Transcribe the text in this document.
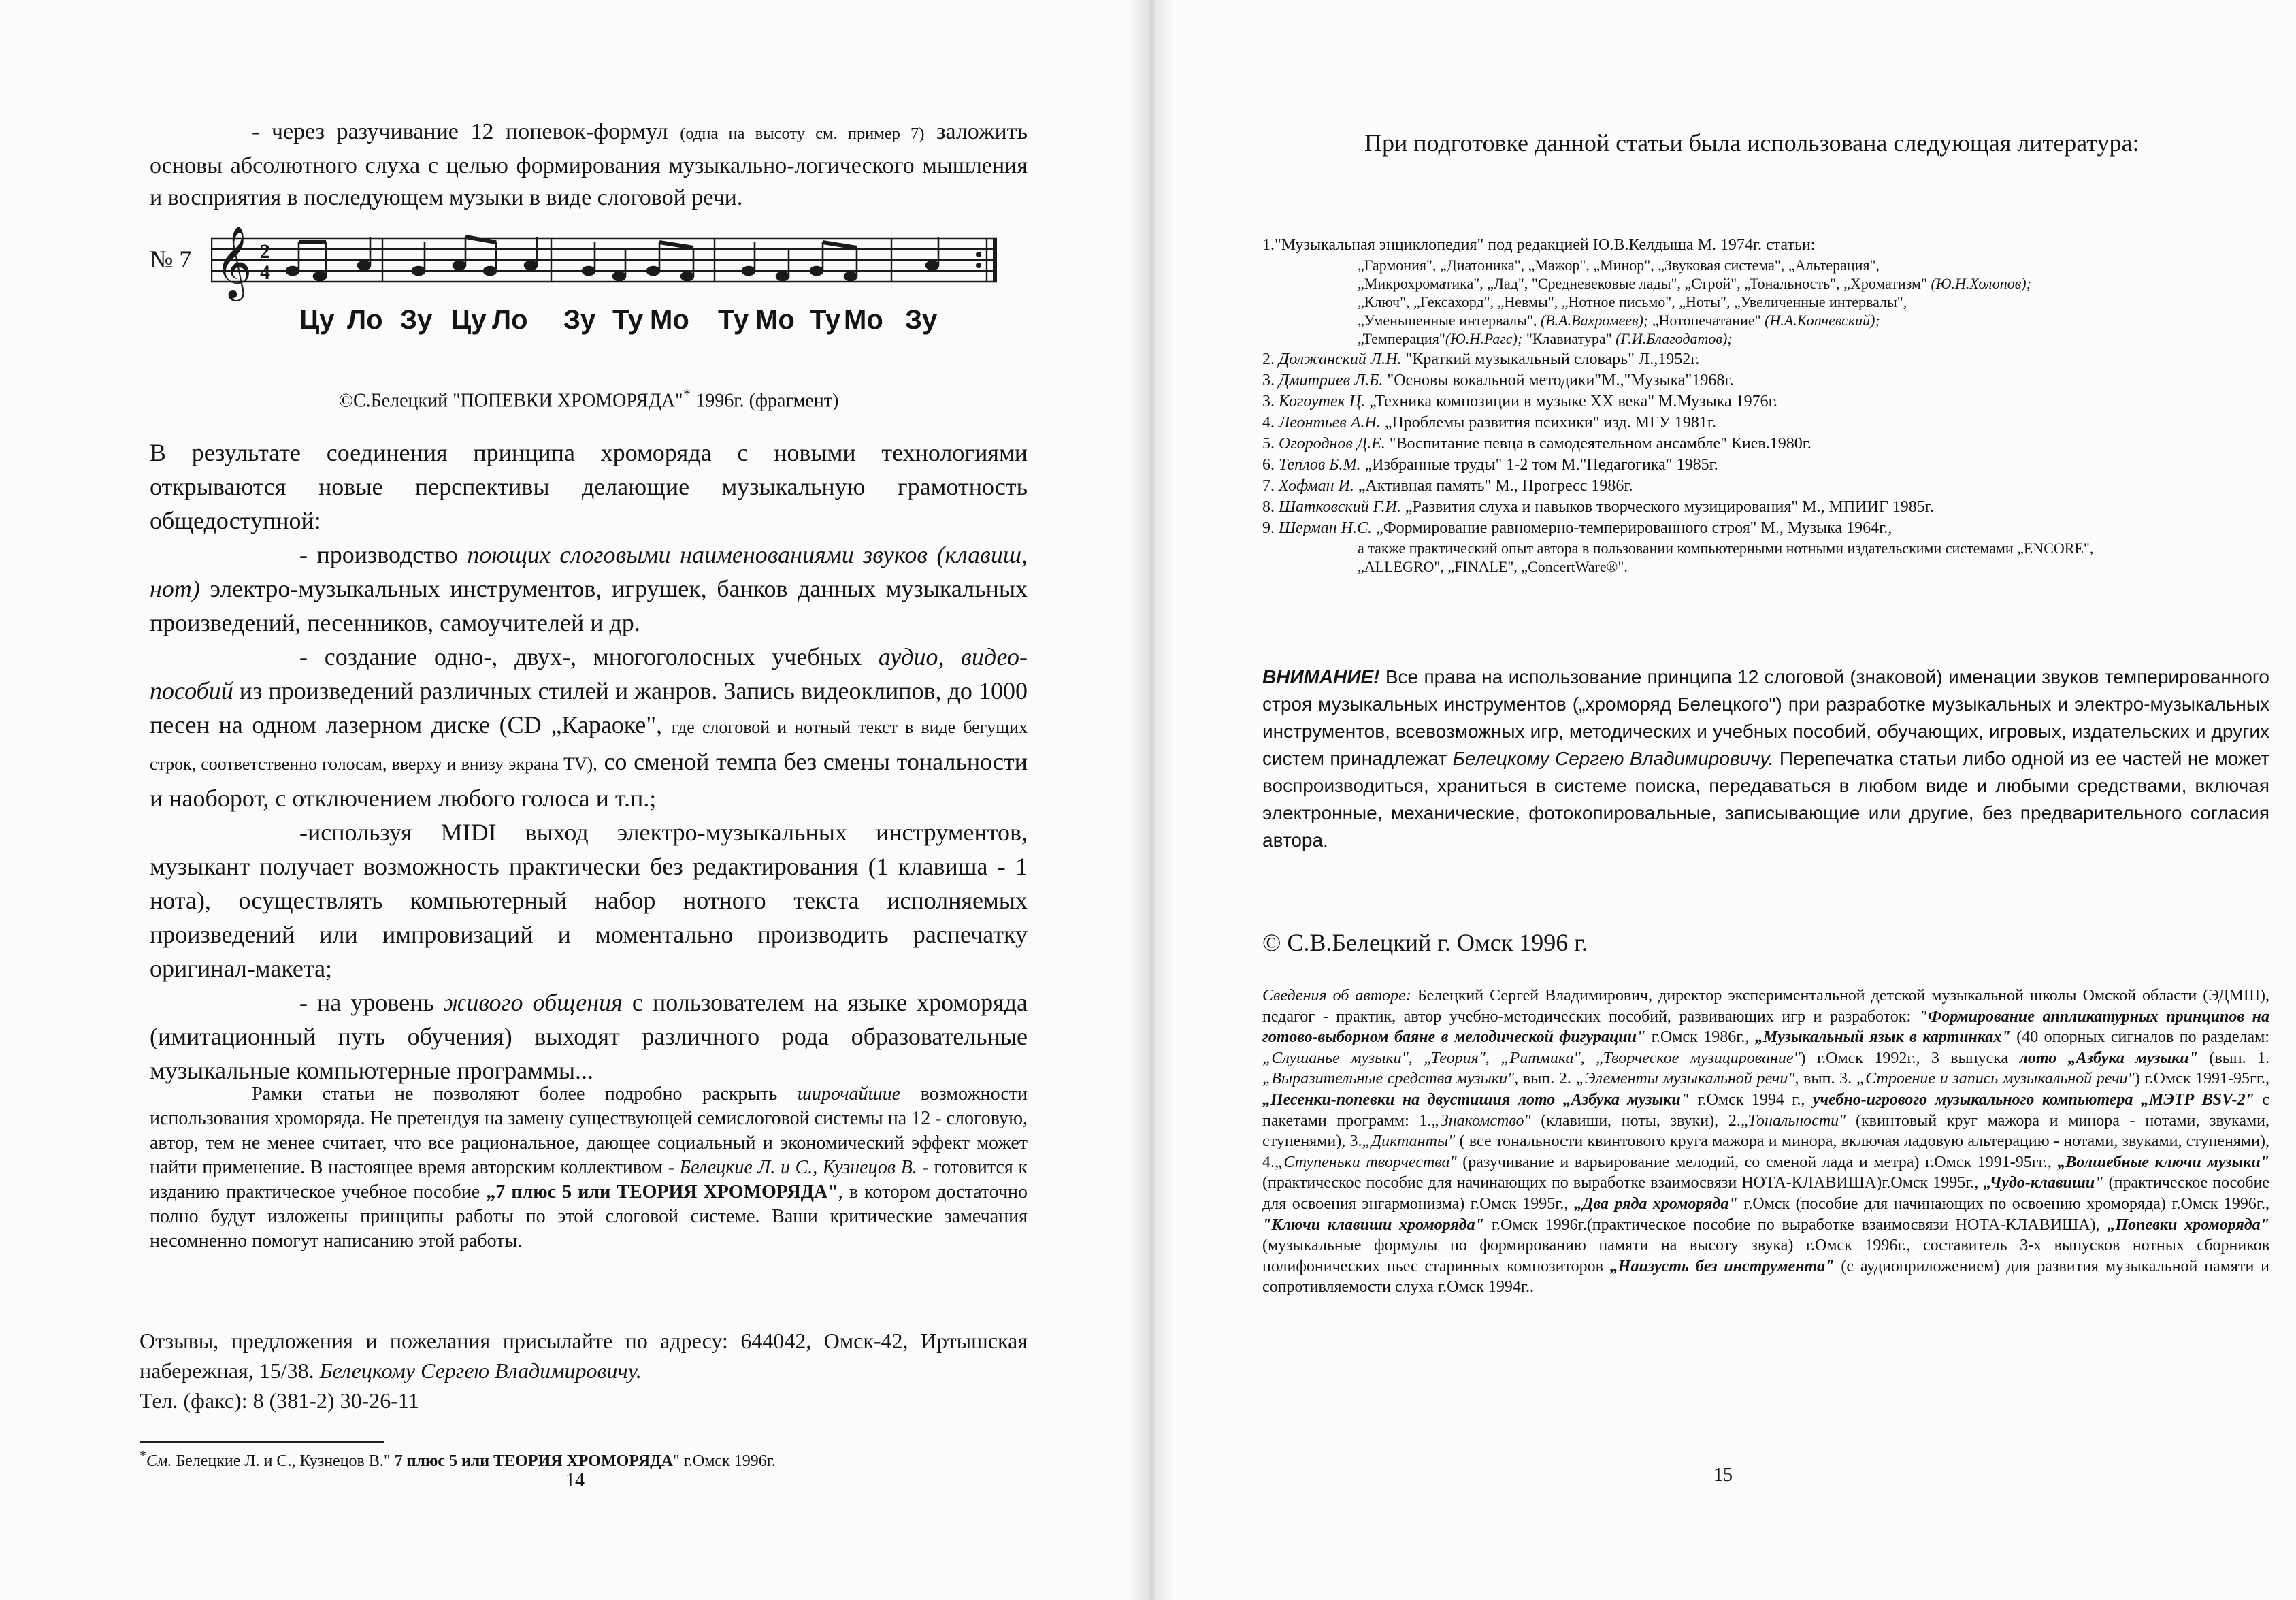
- через разучивание 12 попевок-формул (одна на высоту см. пример 7) заложить основы абсолютного слуха с целью формирования музыкально-логического мышления и восприятия в последующем музыки в виде слоговой речи.

№ 7 𝄞 2
4
Цу Ло Зу Цу Ло Зу Ту Мо Ту Мо Ту Мо Зу
©С.Белецкий "ПОПЕВКИ ХРОМОРЯДА"* 1996г. (фрагмент)

В результате соединения принципа хроморяда с новыми технологиями открываются новые перспективы делающие музыкальную грамотность общедоступной:

- производство поющих слоговыми наименованиями звуков (клавиш, нот) электро-музыкальных инструментов, игрушек, банков данных музыкальных произведений, песенников, самоучителей и др.

- создание одно-, двух-, многоголосных учебных аудио, видео-пособий из произведений различных стилей и жанров. Запись видеоклипов, до 1000 песен на одном лазерном диске (CD „Караоке", где слоговой и нотный текст в виде бегущих строк, соответственно голосам, вверху и внизу экрана TV), со сменой темпа без смены тональности и наоборот, с отключением любого голоса и т.п.;

-используя MIDI выход электро-музыкальных инструментов, музыкант получает возможность практически без редактирования (1 клавиша - 1 нота), осуществлять компьютерный набор нотного текста исполняемых произведений или импровизаций и моментально производить распечатку оригинал-макета;

- на уровень живого общения с пользователем на языке хроморяда (имитационный путь обучения) выходят различного рода образовательные музыкальные компьютерные программы...

Рамки статьи не позволяют более подробно раскрыть широчайшие возможности использования хроморяда. Не претендуя на замену существующей семислоговой системы на 12 - слоговую, автор, тем не менее считает, что все рациональное, дающее социальный и экономический эффект может найти применение. В настоящее время авторским коллективом - Белецкие Л. и С., Кузнецов В. - готовится к изданию практическое учебное пособие „7 плюс 5 или ТЕОРИЯ ХРОМОРЯДА", в котором достаточно полно будут изложены принципы работы по этой слоговой системе. Ваши критические замечания несомненно помогут написанию этой работы.

Отзывы, предложения и пожелания присылайте по адресу: 644042, Омск-42, Иртышская набережная, 15/38. Белецкому Сергею Владимировичу.

Тел. (факс): 8 (381-2) 30-26-11

*См. Белецкие Л. и С., Кузнецов В." 7 плюс 5 или ТЕОРИЯ ХРОМОРЯДА" г.Омск 1996г.
14

При подготовке данной статьи была использована следующая литература:

1."Музыкальная энциклопедия" под редакцией Ю.В.Келдыша М. 1974г. статьи:

„Гармония", „Диатоника", „Мажор", „Минор", „Звуковая система", „Альтерация",

„Микрохроматика", „Лад", "Средневековые лады", „Строй", „Тональность", „Хроматизм" (Ю.Н.Холопов);

„Ключ", „Гексахорд", „Невмы", „Нотное письмо", „Ноты", „Увеличенные интервалы",

„Уменьшенные интервалы", (В.А.Вахромеев); „Нотопечатание" (Н.А.Копчевский);

„Темперация"(Ю.Н.Рагс); "Клавиатура" (Г.И.Благодатов);

2. Должанский Л.Н. "Краткий музыкальный словарь" Л.,1952г.

3. Дмитриев Л.Б. "Основы вокальной методики"М.,"Музыка"1968г.

3. Когоутек Ц. „Техника композиции в музыке XX века" М.Музыка 1976г.

4. Леонтьев А.Н. „Проблемы развития психики" изд. МГУ 1981г.

5. Огороднов Д.Е. "Воспитание певца в самодеятельном ансамбле" Киев.1980г.

6. Теплов Б.М. „Избранные труды" 1-2 том М."Педагогика" 1985г.

7. Хофман И. „Активная память" М., Прогресс 1986г.

8. Шатковский Г.И. „Развития слуха и навыков творческого музицирования" М., МПИИГ 1985г.

9. Шерман Н.С. „Формирование равномерно-темперированного строя" М., Музыка 1964г.,

а также практический опыт автора в пользовании компьютерными нотными издательскими системами „ENCORE", „ALLEGRO", „FINALE", „ConcertWare®".

ВНИМАНИЕ! Все права на использование принципа 12 слоговой (знаковой) именации звуков темперированного строя музыкальных инструментов („хроморяд Белецкого") при разработке музыкальных и электро-музыкальных инструментов, всевозможных игр, методических и учебных пособий, обучающих, игровых, издательских и других систем принадлежат Белецкому Сергею Владимировичу. Перепечатка статьи либо одной из ее частей не может воспроизводиться, храниться в системе поиска, передаваться в любом виде и любыми средствами, включая электронные, механические, фотокопировальные, записывающие или другие, без предварительного согласия автора.

© С.В.Белецкий г. Омск 1996 г.

Сведения об авторе: Белецкий Сергей Владимирович, директор экспериментальной детской музыкальной школы Омской области (ЭДМШ), педагог - практик, автор учебно-методических пособий, развивающих игр и разработок: "Формирование аппликатурных принципов на готово-выборном баяне в мелодической фигурации" г.Омск 1986г., „Музыкальный язык в картинках" (40 опорных сигналов по разделам: „Слушанье музыки", „Теория", „Ритмика", „Творческое музицирование") г.Омск 1992г., 3 выпуска лото „Азбука музыки" (вып. 1. „Выразительные средства музыки", вып. 2. „Элементы музыкальной речи", вып. 3. „Строение и запись музыкальной речи") г.Омск 1991-95гг., „Песенки-попевки на двустишия лото „Азбука музыки" г.Омск 1994 г., учебно-игрового музыкального компьютера „МЭТР BSV-2" с пакетами программ: 1.„Знакомство" (клавиши, ноты, звуки), 2.„Тональности" (квинтовый круг мажора и минора - нотами, звуками, ступенями), 3.„Диктанты" ( все тональности квинтового круга мажора и минора, включая ладовую альтерацию - нотами, звуками, ступенями), 4.„Ступеньки творчества" (разучивание и варьирование мелодий, со сменой лада и метра) г.Омск 1991-95гг., „Волшебные ключи музыки" (практическое пособие для начинающих по выработке взаимосвязи НОТА-КЛАВИША)г.Омск 1995г., „Чудо-клавиши" (практическое пособие для освоения энгармонизма) г.Омск 1995г., „Два ряда хроморяда" г.Омск (пособие для начинающих по освоению хроморяда) г.Омск 1996г., "Ключи клавиши хроморяда" г.Омск 1996г.(практическое пособие по выработке взаимосвязи НОТА-КЛАВИША), „Попевки хроморяда" (музыкальные формулы по формированию памяти на высоту звука) г.Омск 1996г., составитель 3-х выпусков нотных сборников полифонических пьес старинных композиторов „Наизусть без инструмента" (с аудиоприложением) для развития музыкальной памяти и сопротивляемости слуха г.Омск 1994г..

15
